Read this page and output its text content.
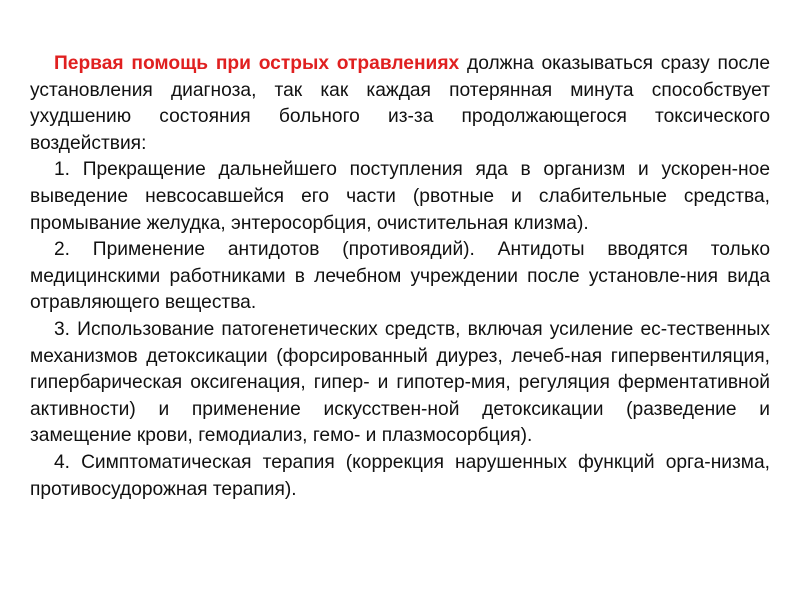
Первая помощь при острых отравлениях должна оказываться сразу после установления диагноза, так как каждая потерянная минута способствует ухудшению состояния больного из-за продолжающегося токсического воздействия:

1. Прекращение дальнейшего поступления яда в организм и ускорен-ное выведение невсосавшейся его части (рвотные и слабительные средства, промывание желудка, энтеросорбция, очистительная клизма).

2. Применение антидотов (противоядий). Антидоты вводятся только медицинскими работниками в лечебном учреждении после установле-ния вида отравляющего вещества.

3. Использование патогенетических средств, включая усиление ес-тественных механизмов детоксикации (форсированный диурез, лечеб-ная гипервентиляция, гипербарическая оксигенация, гипер- и гипотер-мия, регуляция ферментативной активности) и применение искусствен-ной детоксикации (разведение и замещение крови, гемодиализ, гемо- и плазмосорбция).

4. Симптоматическая терапия (коррекция нарушенных функций орга-низма, противосудорожная терапия).
